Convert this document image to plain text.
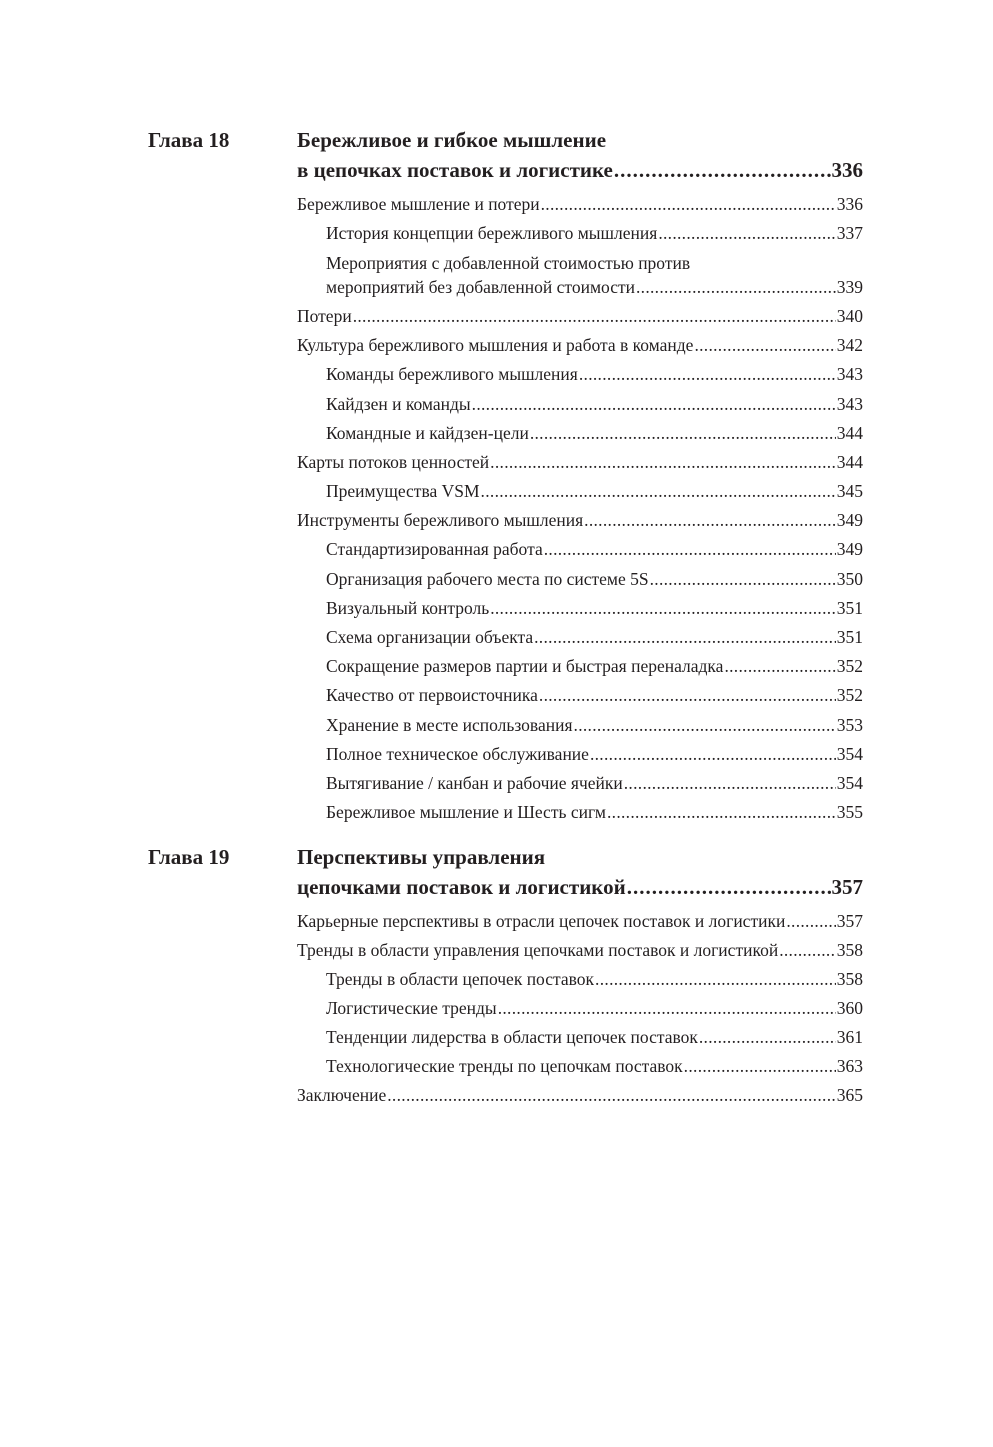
Глава 18	Бережливое и гибкое мышление
в цепочках поставок и логистике .....	336
Бережливое мышление и потери .....	336
История концепции бережливого мышления .....	337
Мероприятия с добавленной стоимостью против
мероприятий без добавленной стоимости .....	339
Потери .....	340
Культура бережливого мышления и работа в команде .....	342
Команды бережливого мышления .....	343
Кайдзен и команды .....	343
Командные и кайдзен-цели .....	344
Карты потоков ценностей .....	344
Преимущества VSM .....	345
Инструменты бережливого мышления .....	349
Стандартизированная работа .....	349
Организация рабочего места по системе 5S .....	350
Визуальный контроль .....	351
Схема организации объекта .....	351
Сокращение размеров партии и быстрая переналадка .....	352
Качество от первоисточника .....	352
Хранение в месте использования .....	353
Полное техническое обслуживание .....	354
Вытягивание / канбан и рабочие ячейки .....	354
Бережливое мышление и Шесть сигм .....	355
Глава 19	Перспективы управления
цепочками поставок и логистикой .....	357
Карьерные перспективы в отрасли цепочек поставок и логистики .....	357
Тренды в области управления цепочками поставок и логистикой .....	358
Тренды в области цепочек поставок .....	358
Логистические тренды .....	360
Тенденции лидерства в области цепочек поставок .....	361
Технологические тренды по цепочкам поставок .....	363
Заключение .....	365
